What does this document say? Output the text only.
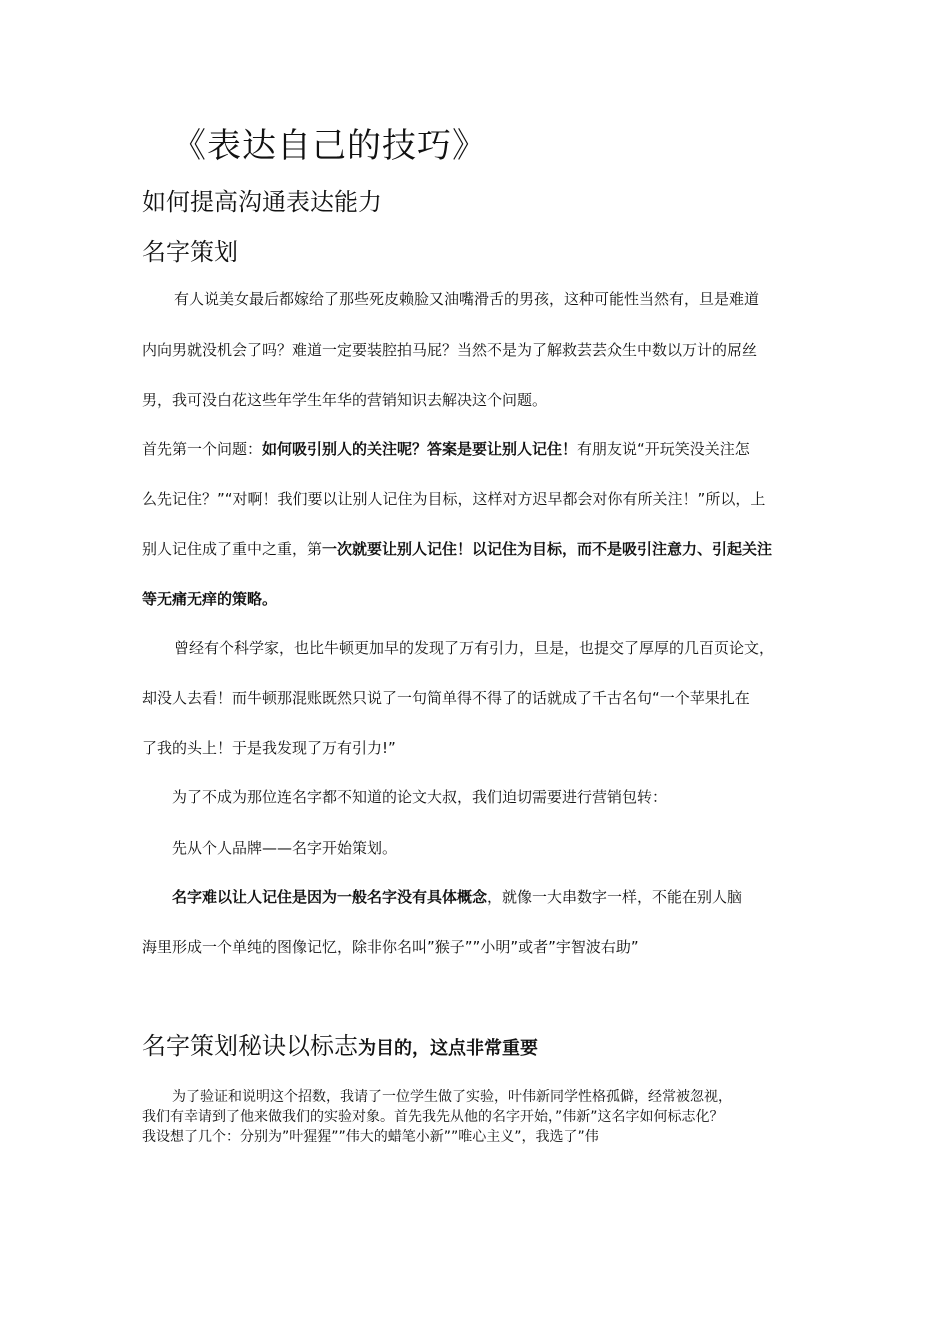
《表达自己的技巧》
如何提高沟通表达能力
名字策划
有人说美女最后都嫁给了那些死皮赖脸又油嘴滑舌的男孩，这种可能性当然有，旦是难道
内向男就没机会了吗？难道一定要装腔拍马屁？当然不是为了解救芸芸众生中数以万计的屌丝
男，我可没白花这些年学生年华的营销知识去解决这个问题。
首先第一个问题：如何吸引别人的关注呢？答案是要让别人记住！有朋友说“开玩笑没关注怎
么先记住？”“对啊！我们要以让别人记住为目标，这样对方迟早都会对你有所关注！”所以，上
别人记住成了重中之重，第一次就要让别人记住！以记住为目标，而不是吸引注意力、引起关注
等无痛无痒的策略。
曾经有个科学家，也比牛顿更加早的发现了万有引力，旦是，也提交了厚厚的几百页论文，
却没人去看！而牛顿那混账既然只说了一句简单得不得了的话就成了千古名句“一个苹果扎在
了我的头上！于是我发现了万有引力!”
为了不成为那位连名字都不知道的论文大叔，我们迫切需要进行营销包转：
先从个人品牌——名字开始策划。
名字难以让人记住是因为一般名字没有具体概念，就像一大串数字一样，不能在别人脑
海里形成一个单纯的图像记忆，除非你名叫”猴子””小明”或者”宇智波右助”
名字策划秘诀以标志为目的，这点非常重要
为了验证和说明这个招数，我请了一位学生做了实验，叶伟新同学性格孤僻，经常被忽视，
我们有幸请到了他来做我们的实验对象。首先我先从他的名字开始，”伟新”这名字如何标志化？
我设想了几个：分别为”叶猩猩””伟大的蜡笔小新””唯心主义”，我选了”伟
